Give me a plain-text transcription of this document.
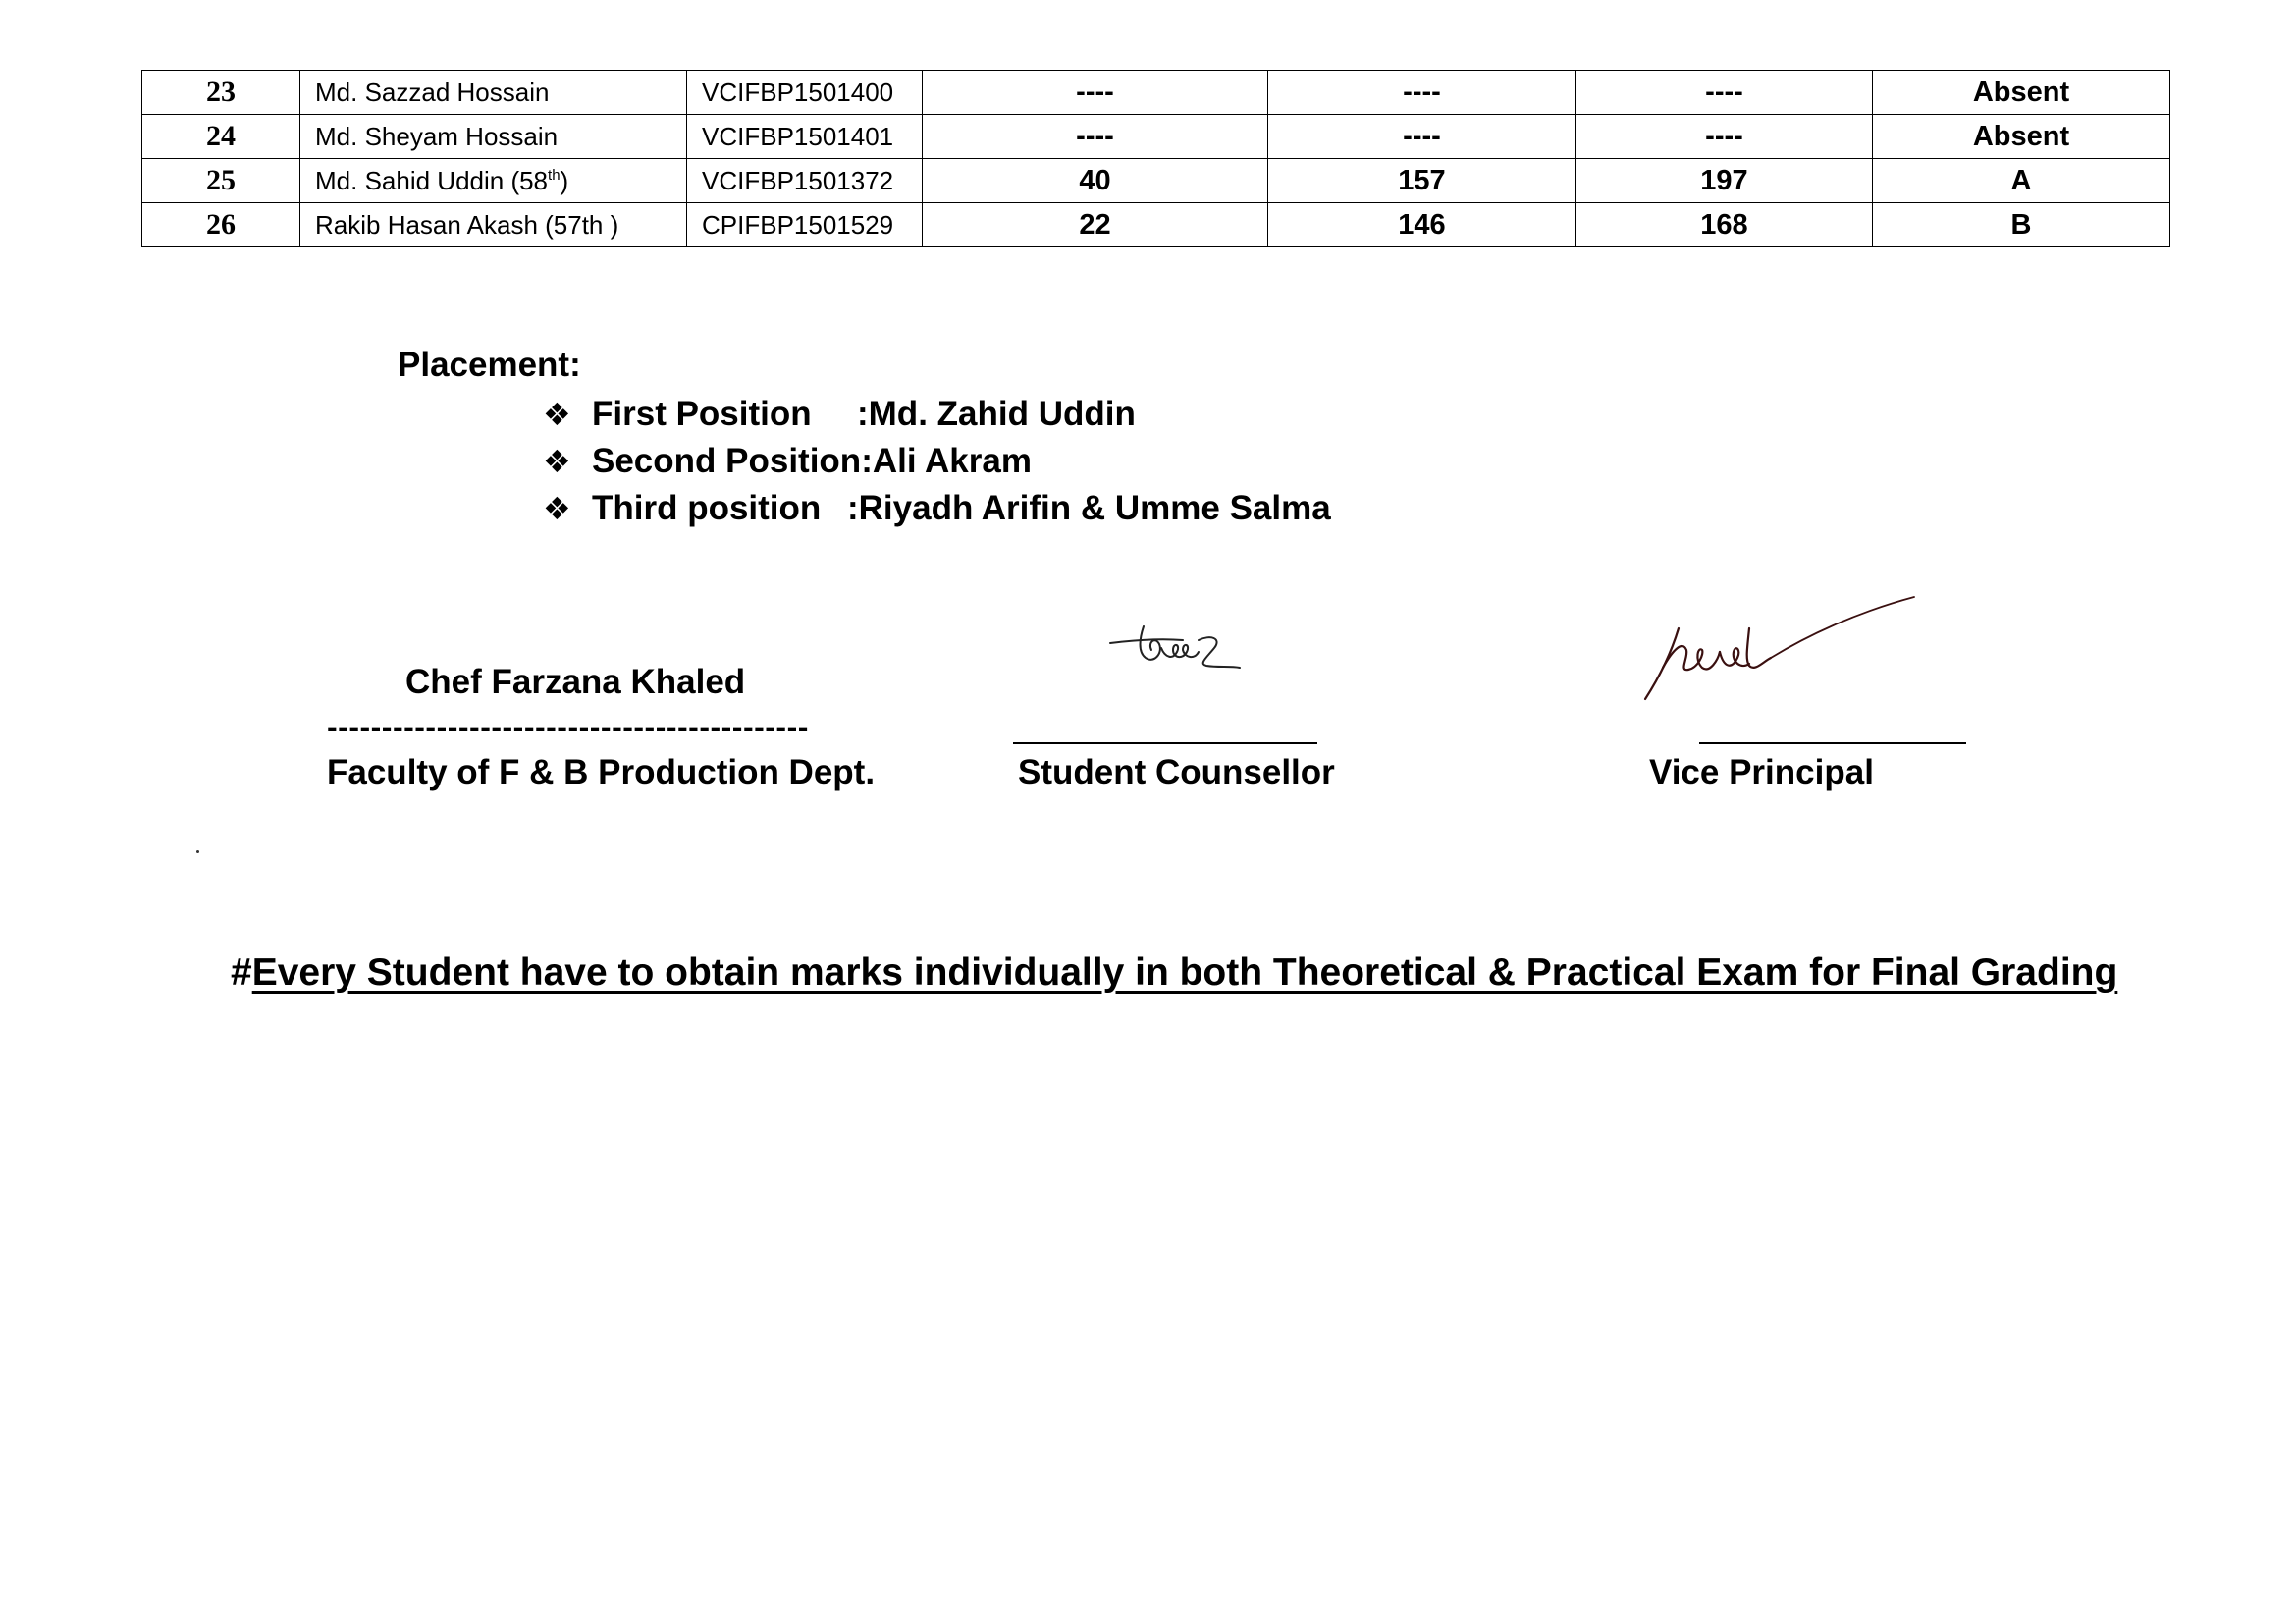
23	Md. Sazzad Hossain	VCIFBP1501400	----	----	----	Absent
24	Md. Sheyam Hossain	VCIFBP1501401	----	----	----	Absent
25	Md. Sahid Uddin (58th)	VCIFBP1501372	40	157	197	A
26	Rakib Hasan Akash (57th )	CPIFBP1501529	22	146	168	B

Placement:

❖ First Position	: Md. Zahid Uddin
❖ Second Position : Ali Akram
❖ Third position : Riyadh Arifin & Umme Salma

Chef Farzana Khaled

--------------------------------------------

Faculty of F & B Production Dept.	Student Counsellor	Vice Principal

#Every Student have to obtain marks individually in both Theoretical & Practical Exam for Final Grading
